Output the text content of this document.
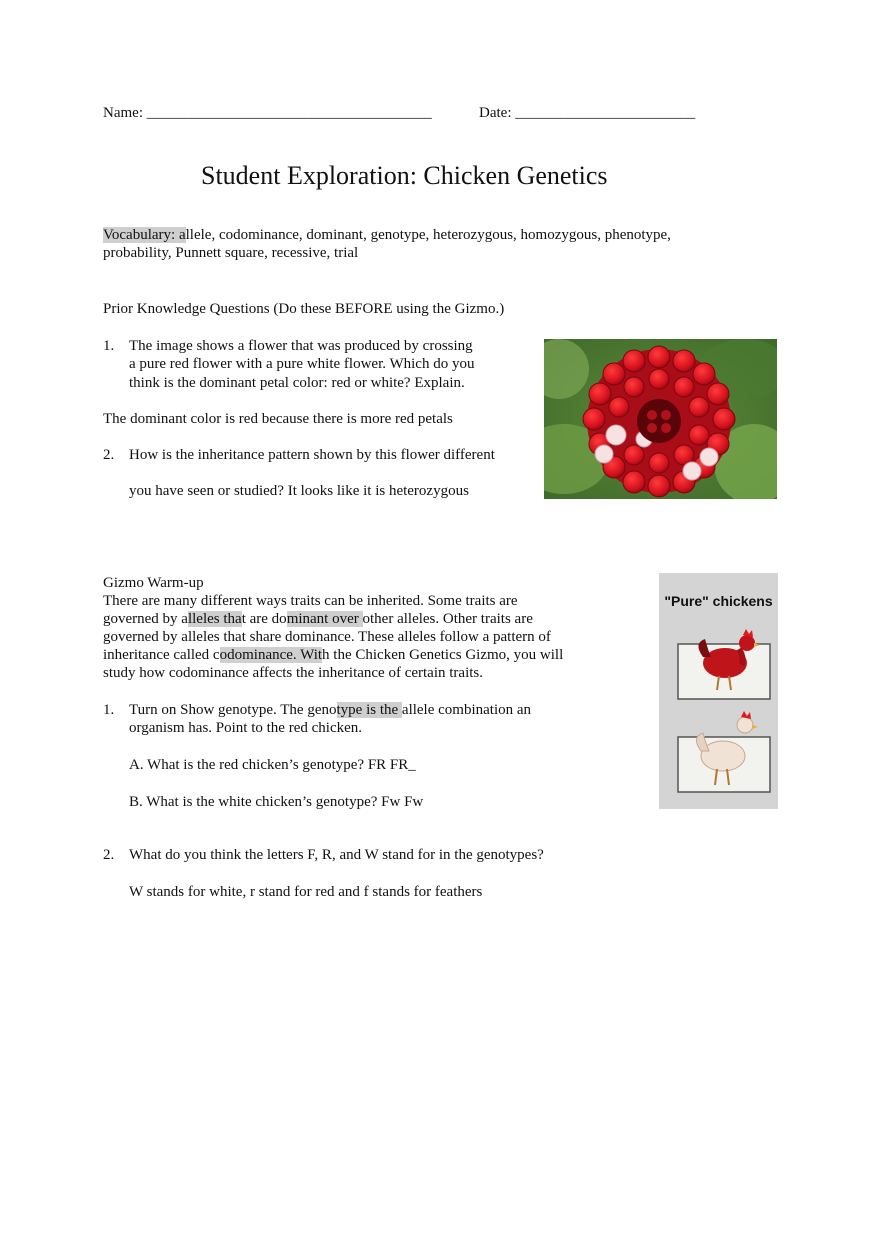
Name: ______________________________________	Date: ________________________
Student Exploration: Chicken Genetics
Vocabulary: allele, codominance, dominant, genotype, heterozygous, homozygous, phenotype,
probability, Punnett square, recessive, trial
Prior Knowledge Questions (Do these BEFORE using the Gizmo.)
1. The image shows a flower that was produced by crossing
a pure red flower with a pure white flower. Which do you
think is the dominant petal color: red or white? Explain.
The dominant color is red because there is more red petals
2. How is the inheritance pattern shown by this flower different
you have seen or studied? It looks like it is heterozygous
Gizmo Warm-up
There are many different ways traits can be inherited. Some traits are
governed by alleles that are dominant over other alleles. Other traits are
governed by alleles that share dominance. These alleles follow a pattern of
inheritance called codominance. With the Chicken Genetics Gizmo, you will
study how codominance affects the inheritance of certain traits.
1. Turn on Show genotype. The genotype is the allele combination an
organism has. Point to the red chicken.
A. What is the red chicken’s genotype? FR FR_
B. What is the white chicken’s genotype? Fw Fw
2. What do you think the letters F, R, and W stand for in the genotypes?
W stands for white, r stand for red and f stands for feathers
"Pure" chickens
